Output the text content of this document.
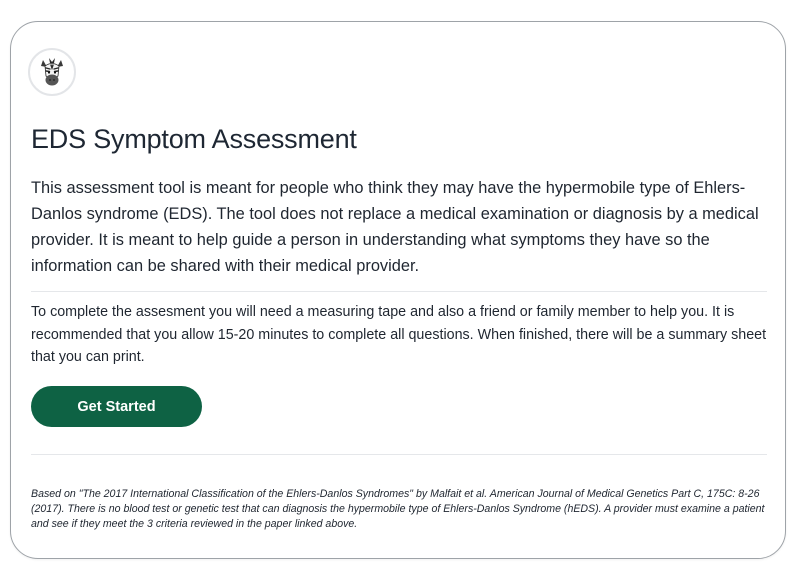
EDS Symptom Assessment

This assessment tool is meant for people who think they may have the hypermobile type of Ehlers-Danlos syndrome (EDS). The tool does not replace a medical examination or diagnosis by a medical provider. It is meant to help guide a person in understanding what symptoms they have so the information can be shared with their medical provider.

To complete the assesment you will need a measuring tape and also a friend or family member to help you. It is recommended that you allow 15-20 minutes to complete all questions. When finished, there will be a summary sheet that you can print.

Get Started

Based on "The 2017 International Classification of the Ehlers-Danlos Syndromes" by Malfait et al. American Journal of Medical Genetics Part C, 175C: 8-26 (2017). There is no blood test or genetic test that can diagnosis the hypermobile type of Ehlers-Danlos Syndrome (hEDS). A provider must examine a patient and see if they meet the 3 criteria reviewed in the paper linked above.
